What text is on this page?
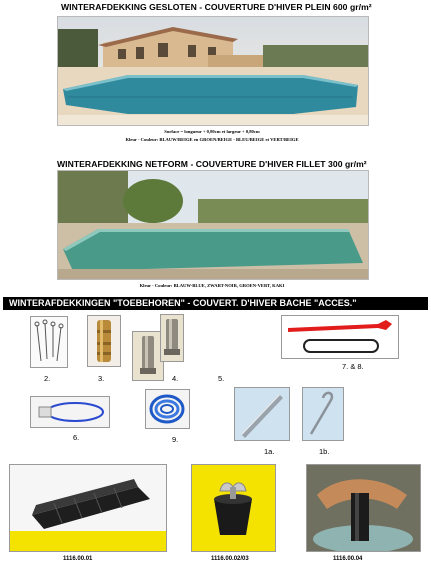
WINTERAFDEKKING GESLOTEN - COUVERTURE D'HIVER PLEIN 600 gr/m²
Surface = longueur + 0,80cm et largeur + 0,80cm
Kleur - Couleur: BLAUW/BEIGE en GROEN/BEIGE - BLEU/BEIGE et VERT/BEIGE
WINTERAFDEKKING NETFORM - COUVERTURE D'HIVER FILLET 300 gr/m²
Kleur - Couleur: BLAUW-BLUE, ZWART-NOIR, GROEN-VERT, KAKI
WINTERAFDEKKINGEN "TOEBEHOREN" - COUVERT. D'HIVER BACHE "ACCES."
2.	3.	4.	5.
7. & 8.
6.	9.
1a.	1b.
1116.00.01	1116.00.02/03	1116.00.04
